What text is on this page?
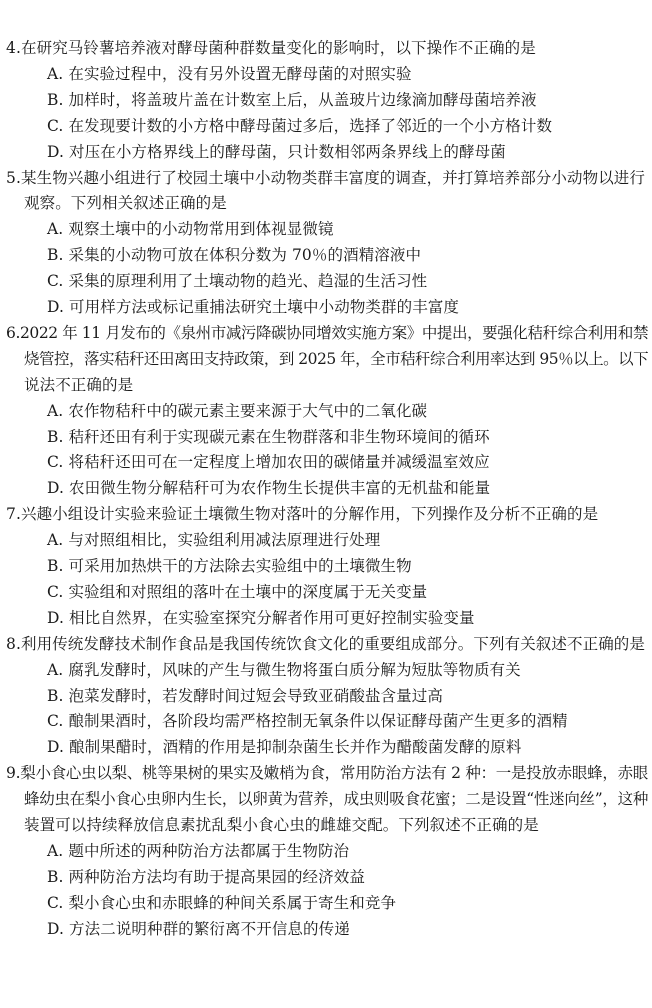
4.在研究马铃薯培养液对酵母菌种群数量变化的影响时，以下操作不正确的是
A. 在实验过程中，没有另外设置无酵母菌的对照实验
B. 加样时，将盖玻片盖在计数室上后，从盖玻片边缘滴加酵母菌培养液
C. 在发现要计数的小方格中酵母菌过多后，选择了邻近的一个小方格计数
D. 对压在小方格界线上的酵母菌，只计数相邻两条界线上的酵母菌
5.某生物兴趣小组进行了校园土壤中小动物类群丰富度的调查，并打算培养部分小动物以进行
观察。下列相关叙述正确的是
A. 观察土壤中的小动物常用到体视显微镜
B. 采集的小动物可放在体积分数为 70％的酒精溶液中
C. 采集的原理利用了土壤动物的趋光、趋湿的生活习性
D. 可用样方法或标记重捕法研究土壤中小动物类群的丰富度
6.2022 年 11 月发布的《泉州市减污降碳协同增效实施方案》中提出，要强化秸秆综合利用和禁
烧管控，落实秸秆还田离田支持政策，到 2025 年，全市秸秆综合利用率达到 95％以上。以下
说法不正确的是
A. 农作物秸秆中的碳元素主要来源于大气中的二氧化碳
B. 秸秆还田有利于实现碳元素在生物群落和非生物环境间的循环
C. 将秸秆还田可在一定程度上增加农田的碳储量并减缓温室效应
D. 农田微生物分解秸秆可为农作物生长提供丰富的无机盐和能量
7.兴趣小组设计实验来验证土壤微生物对落叶的分解作用，下列操作及分析不正确的是
A. 与对照组相比，实验组利用减法原理进行处理
B. 可采用加热烘干的方法除去实验组中的土壤微生物
C. 实验组和对照组的落叶在土壤中的深度属于无关变量
D. 相比自然界，在实验室探究分解者作用可更好控制实验变量
8.利用传统发酵技术制作食品是我国传统饮食文化的重要组成部分。下列有关叙述不正确的是
A. 腐乳发酵时，风味的产生与微生物将蛋白质分解为短肽等物质有关
B. 泡菜发酵时，若发酵时间过短会导致亚硝酸盐含量过高
C. 酿制果酒时，各阶段均需严格控制无氧条件以保证酵母菌产生更多的酒精
D. 酿制果醋时，酒精的作用是抑制杂菌生长并作为醋酸菌发酵的原料
9.梨小食心虫以梨、桃等果树的果实及嫩梢为食，常用防治方法有 2 种：一是投放赤眼蜂，赤眼
蜂幼虫在梨小食心虫卵内生长，以卵黄为营养，成虫则吸食花蜜；二是设置“性迷向丝”，这种
装置可以持续释放信息素扰乱梨小食心虫的雌雄交配。下列叙述不正确的是
A. 题中所述的两种防治方法都属于生物防治
B. 两种防治方法均有助于提高果园的经济效益
C. 梨小食心虫和赤眼蜂的种间关系属于寄生和竞争
D. 方法二说明种群的繁衍离不开信息的传递
